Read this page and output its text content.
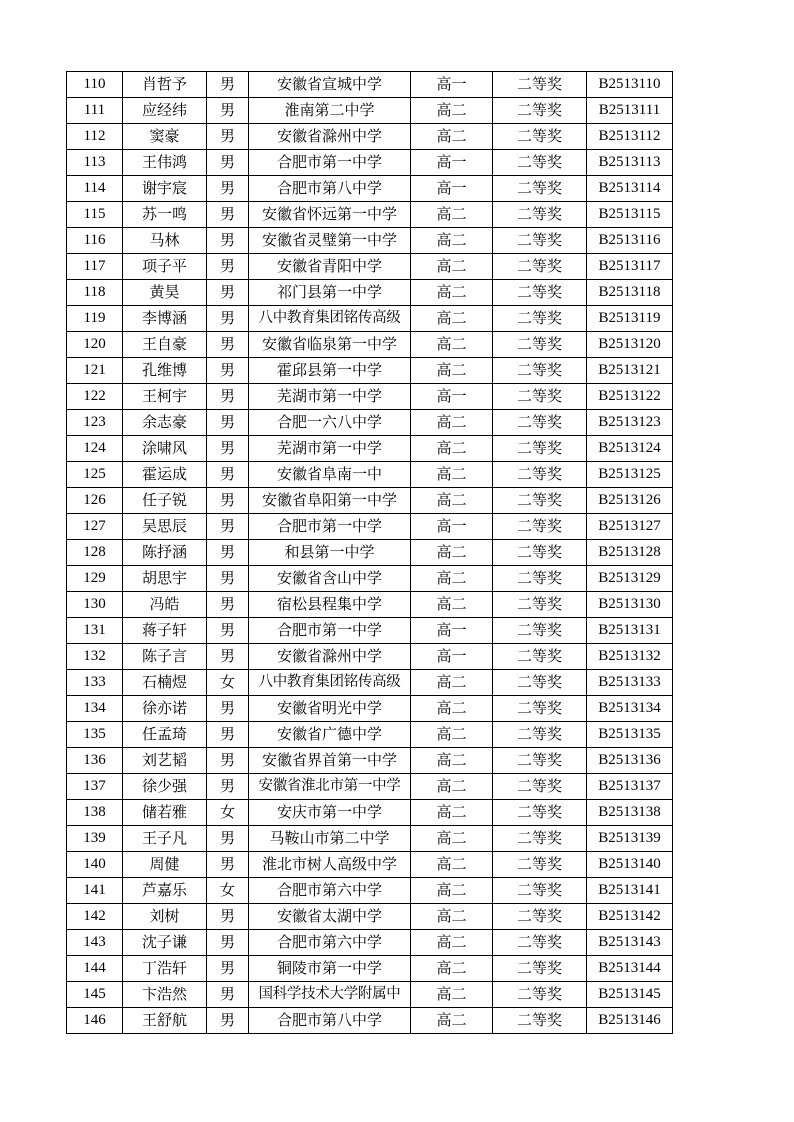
110	肖哲予	男	安徽省宣城中学	高一	二等奖	B2513110
111	应经纬	男	淮南第二中学	高二	二等奖	B2513111
112	窦豪	男	安徽省滁州中学	高二	二等奖	B2513112
113	王伟鸿	男	合肥市第一中学	高一	二等奖	B2513113
114	谢宇宸	男	合肥市第八中学	高一	二等奖	B2513114
115	苏一鸣	男	安徽省怀远第一中学	高二	二等奖	B2513115
116	马林	男	安徽省灵璧第一中学	高二	二等奖	B2513116
117	项子平	男	安徽省青阳中学	高二	二等奖	B2513117
118	黄昊	男	祁门县第一中学	高二	二等奖	B2513118
119	李博涵	男	八中教育集团铭传高级	高二	二等奖	B2513119
120	王自豪	男	安徽省临泉第一中学	高二	二等奖	B2513120
121	孔维博	男	霍邱县第一中学	高二	二等奖	B2513121
122	王柯宇	男	芜湖市第一中学	高一	二等奖	B2513122
123	余志豪	男	合肥一六八中学	高二	二等奖	B2513123
124	涂啸风	男	芜湖市第一中学	高二	二等奖	B2513124
125	霍运成	男	安徽省阜南一中	高二	二等奖	B2513125
126	任子锐	男	安徽省阜阳第一中学	高二	二等奖	B2513126
127	吴思辰	男	合肥市第一中学	高一	二等奖	B2513127
128	陈抒涵	男	和县第一中学	高二	二等奖	B2513128
129	胡思宇	男	安徽省含山中学	高二	二等奖	B2513129
130	冯皓	男	宿松县程集中学	高二	二等奖	B2513130
131	蒋子轩	男	合肥市第一中学	高一	二等奖	B2513131
132	陈子言	男	安徽省滁州中学	高一	二等奖	B2513132
133	石楠煜	女	八中教育集团铭传高级	高二	二等奖	B2513133
134	徐亦诺	男	安徽省明光中学	高二	二等奖	B2513134
135	任孟琦	男	安徽省广德中学	高二	二等奖	B2513135
136	刘艺韬	男	安徽省界首第一中学	高二	二等奖	B2513136
137	徐少强	男	安徽省淮北市第一中学	高二	二等奖	B2513137
138	储若雅	女	安庆市第一中学	高二	二等奖	B2513138
139	王子凡	男	马鞍山市第二中学	高二	二等奖	B2513139
140	周健	男	淮北市树人高级中学	高二	二等奖	B2513140
141	芦嘉乐	女	合肥市第六中学	高二	二等奖	B2513141
142	刘树	男	安徽省太湖中学	高二	二等奖	B2513142
143	沈子谦	男	合肥市第六中学	高二	二等奖	B2513143
144	丁浩轩	男	铜陵市第一中学	高二	二等奖	B2513144
145	卞浩然	男	国科学技术大学附属中	高二	二等奖	B2513145
146	王舒航	男	合肥市第八中学	高二	二等奖	B2513146
